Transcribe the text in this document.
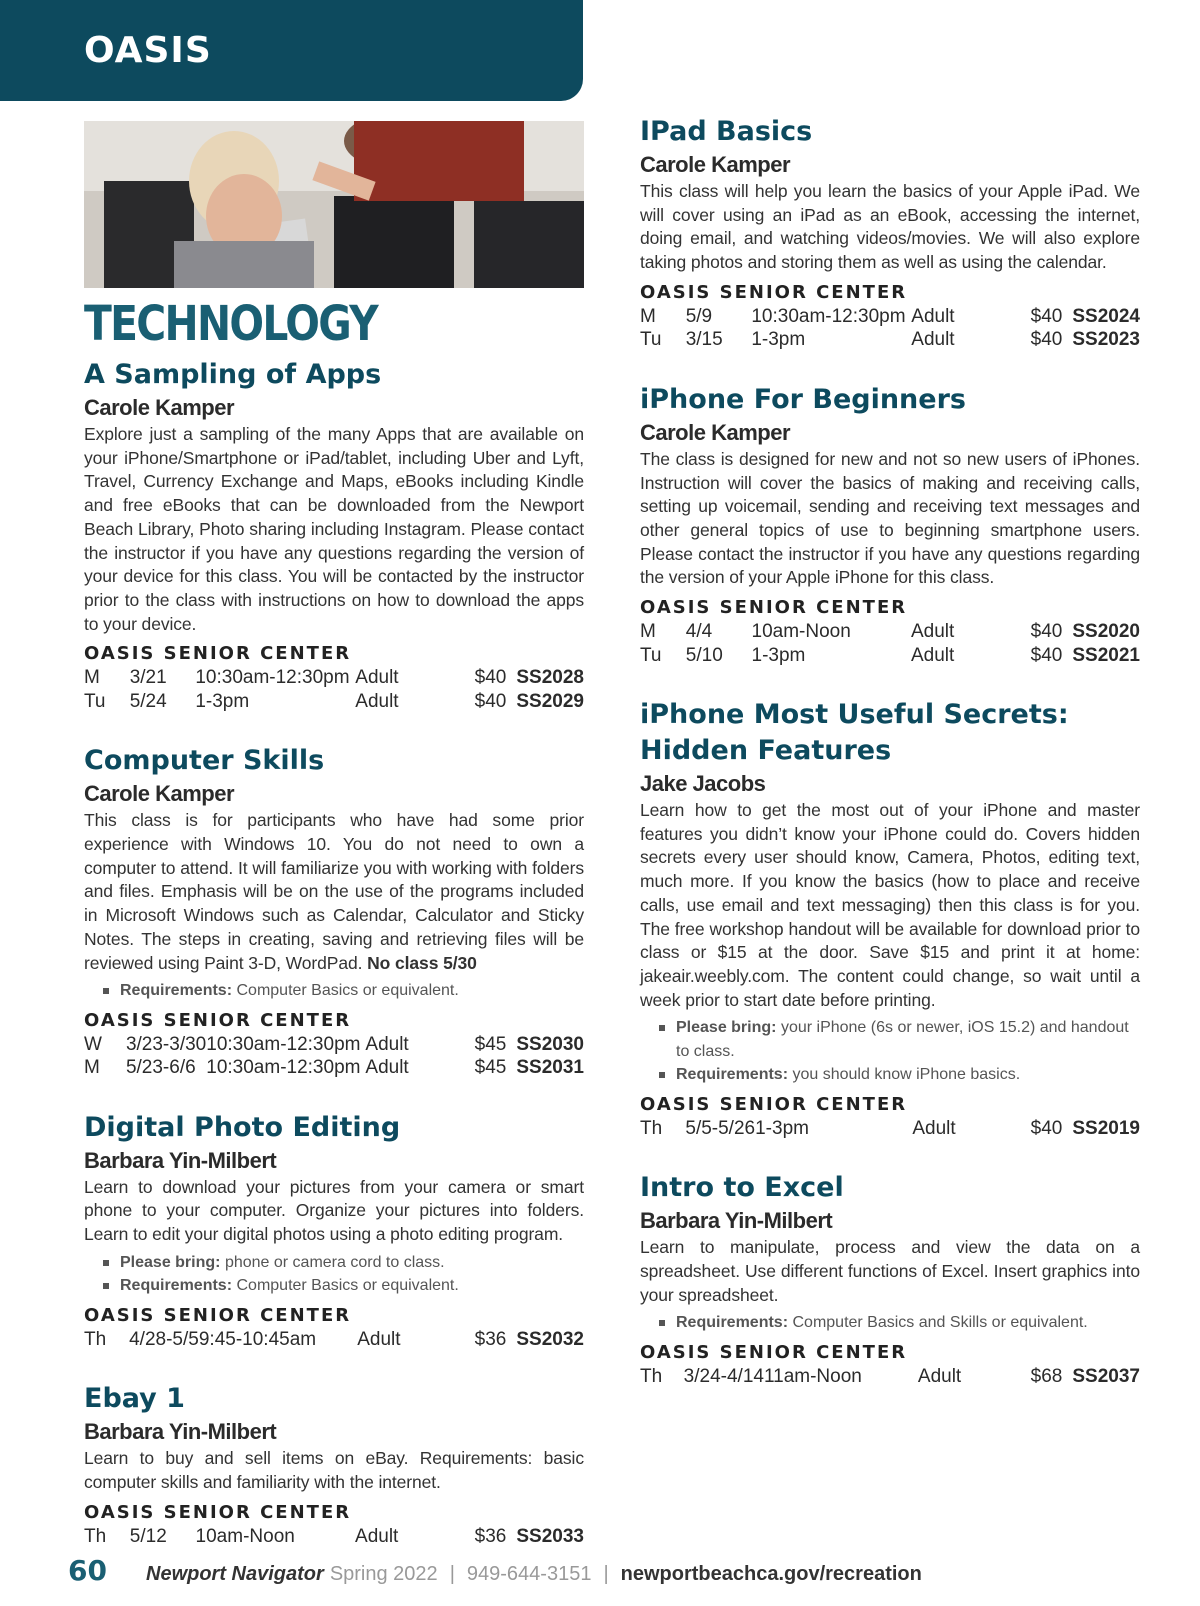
OASIS
TECHNOLOGY
A Sampling of Apps
Carole Kamper

Explore just a sampling of the many Apps that are available on your iPhone/Smartphone or iPad/tablet, including Uber and Lyft, Travel, Currency Exchange and Maps, eBooks including Kindle and free eBooks that can be downloaded from the Newport Beach Library, Photo sharing including Instagram. Please contact the instructor if you have any questions regarding the version of your device for this class. You will be contacted by the instructor prior to the class with instructions on how to download the apps to your device.

OASIS SENIOR CENTER
M	3/21	10:30am-12:30pm	Adult	$40	SS2028
Tu	5/24	1-3pm	Adult	$40	SS2029
Computer Skills
Carole Kamper

This class is for participants who have had some prior experience with Windows 10. You do not need to own a computer to attend. It will familiarize you with working with folders and files. Emphasis will be on the use of the programs included in Microsoft Windows such as Calendar, Calculator and Sticky Notes. The steps in creating, saving and retrieving files will be reviewed using Paint 3-D, WordPad. No class 5/30

Requirements: Computer Basics or equivalent.
OASIS SENIOR CENTER
W	3/23-3/30	10:30am-12:30pm	Adult	$45	SS2030
M	5/23-6/6	10:30am-12:30pm	Adult	$45	SS2031
Digital Photo Editing
Barbara Yin-Milbert

Learn to download your pictures from your camera or smart phone to your computer. Organize your pictures into folders. Learn to edit your digital photos using a photo editing program.

Please bring: phone or camera cord to class.
Requirements: Computer Basics or equivalent.
OASIS SENIOR CENTER
Th	4/28-5/5	9:45-10:45am	Adult	$36	SS2032
Ebay 1
Barbara Yin-Milbert

Learn to buy and sell items on eBay. Requirements: basic computer skills and familiarity with the internet.

OASIS SENIOR CENTER
Th	5/12	10am-Noon	Adult	$36	SS2033
IPad Basics
Carole Kamper

This class will help you learn the basics of your Apple iPad. We will cover using an iPad as an eBook, accessing the internet, doing email, and watching videos/movies. We will also explore taking photos and storing them as well as using the calendar.

OASIS SENIOR CENTER
M	5/9	10:30am-12:30pm	Adult	$40	SS2024
Tu	3/15	1-3pm	Adult	$40	SS2023
iPhone For Beginners
Carole Kamper

The class is designed for new and not so new users of iPhones. Instruction will cover the basics of making and receiving calls, setting up voicemail, sending and receiving text messages and other general topics of use to beginning smartphone users. Please contact the instructor if you have any questions regarding the version of your Apple iPhone for this class.

OASIS SENIOR CENTER
M	4/4	10am-Noon	Adult	$40	SS2020
Tu	5/10	1-3pm	Adult	$40	SS2021
iPhone Most Useful Secrets: Hidden Features
Jake Jacobs

Learn how to get the most out of your iPhone and master features you didn’t know your iPhone could do. Covers hidden secrets every user should know, Camera, Photos, editing text, much more. If you know the basics (how to place and receive calls, use email and text messaging) then this class is for you. The free workshop handout will be available for download prior to class or $15 at the door. Save $15 and print it at home: jakeair.weebly.com. The content could change, so wait until a week prior to start date before printing.

Please bring: your iPhone (6s or newer, iOS 15.2) and handout to class.
Requirements: you should know iPhone basics.
OASIS SENIOR CENTER
Th	5/5-5/26	1-3pm	Adult	$40	SS2019
Intro to Excel
Barbara Yin-Milbert

Learn to manipulate, process and view the data on a spreadsheet. Use different functions of Excel. Insert graphics into your spreadsheet.

Requirements: Computer Basics and Skills or equivalent.
OASIS SENIOR CENTER
Th	3/24-4/14	11am-Noon	Adult	$68	SS2037
60	Newport Navigator Spring 2022 | 949-644-3151 | newportbeachca.gov/recreation
